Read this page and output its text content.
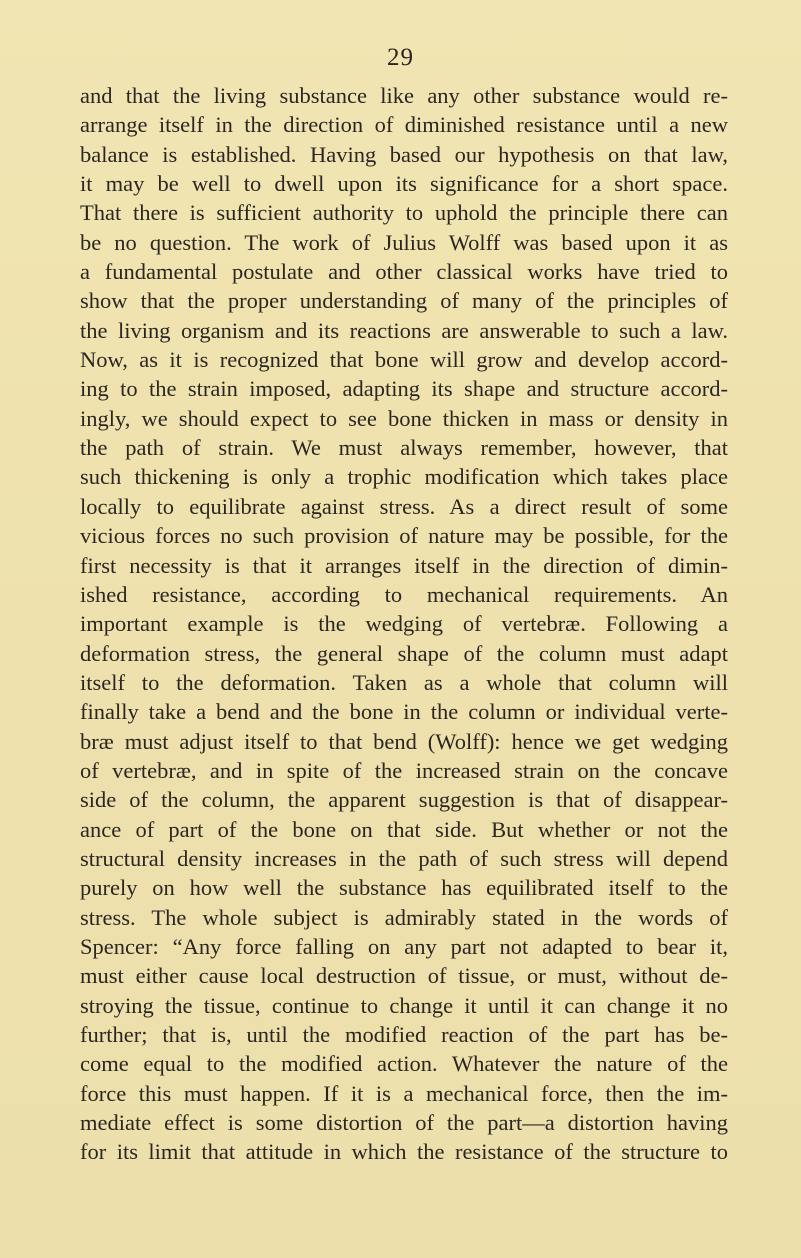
29
and that the living substance like any other substance would re-
arrange itself in the direction of diminished resistance until a new
balance is established. Having based our hypothesis on that law,
it may be well to dwell upon its significance for a short space.
That there is sufficient authority to uphold the principle there can
be no question. The work of Julius Wolff was based upon it as
a fundamental postulate and other classical works have tried to
show that the proper understanding of many of the principles of
the living organism and its reactions are answerable to such a law.
Now, as it is recognized that bone will grow and develop accord-
ing to the strain imposed, adapting its shape and structure accord-
ingly, we should expect to see bone thicken in mass or density in
the path of strain. We must always remember, however, that
such thickening is only a trophic modification which takes place
locally to equilibrate against stress. As a direct result of some
vicious forces no such provision of nature may be possible, for the
first necessity is that it arranges itself in the direction of dimin-
ished resistance, according to mechanical requirements. An
important example is the wedging of vertebræ. Following a
deformation stress, the general shape of the column must adapt
itself to the deformation. Taken as a whole that column will
finally take a bend and the bone in the column or individual verte-
bræ must adjust itself to that bend (Wolff): hence we get wedging
of vertebræ, and in spite of the increased strain on the concave
side of the column, the apparent suggestion is that of disappear-
ance of part of the bone on that side. But whether or not the
structural density increases in the path of such stress will depend
purely on how well the substance has equilibrated itself to the
stress. The whole subject is admirably stated in the words of
Spencer: “Any force falling on any part not adapted to bear it,
must either cause local destruction of tissue, or must, without de-
stroying the tissue, continue to change it until it can change it no
further; that is, until the modified reaction of the part has be-
come equal to the modified action. Whatever the nature of the
force this must happen. If it is a mechanical force, then the im-
mediate effect is some distortion of the part—a distortion having
for its limit that attitude in which the resistance of the structure to
